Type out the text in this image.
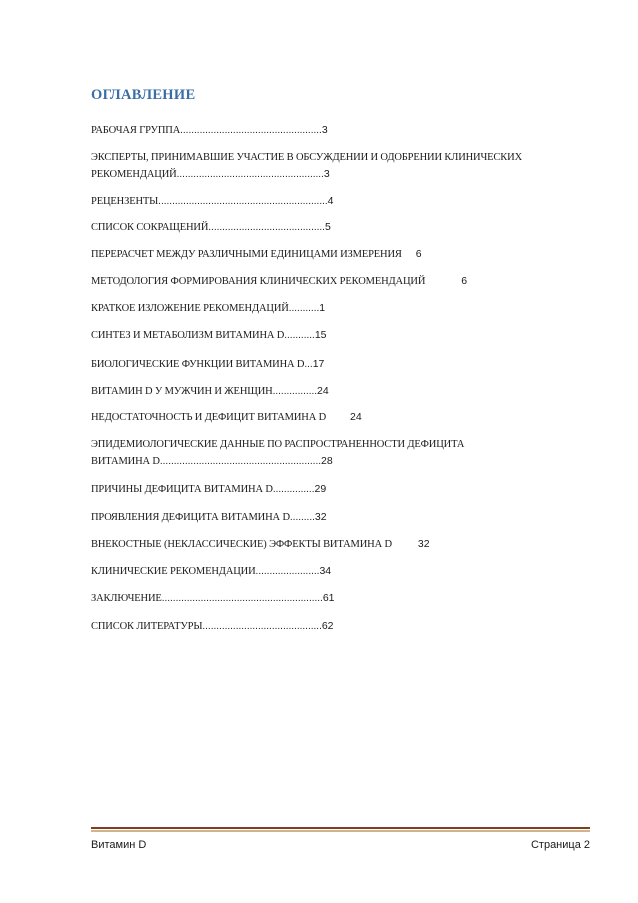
ОГЛАВЛЕНИЕ
РАБОЧАЯ ГРУППА...................................................3
ЭКСПЕРТЫ, ПРИНИМАВШИЕ УЧАСТИЕ В ОБСУЖДЕНИИ И ОДОБРЕНИИ КЛИНИЧЕСКИХ
РЕКОМЕНДАЦИЙ.....................................................3
РЕЦЕНЗЕНТЫ.............................................................4
СПИСОК СОКРАЩЕНИЙ..........................................5
ПЕРЕРАСЧЕТ МЕЖДУ РАЗЛИЧНЫМИ ЕДИНИЦАМИ ИЗМЕРЕНИЯ 6
МЕТОДОЛОГИЯ ФОРМИРОВАНИЯ КЛИНИЧЕСКИХ РЕКОМЕНДАЦИЙ	6
КРАТКОЕ ИЗЛОЖЕНИЕ РЕКОМЕНДАЦИЙ...........1
СИНТЕЗ И МЕТАБОЛИЗМ ВИТАМИНА D...........15
БИОЛОГИЧЕСКИЕ ФУНКЦИИ ВИТАМИНА D...17
ВИТАМИН D У МУЖЧИН И ЖЕНЩИН................24
НЕДОСТАТОЧНОСТЬ И ДЕФИЦИТ ВИТАМИНА D 24
ЭПИДЕМИОЛОГИЧЕСКИЕ ДАННЫЕ ПО РАСПРОСТРАНЕННОСТИ ДЕФИЦИТА
ВИТАМИНА D..........................................................28
ПРИЧИНЫ ДЕФИЦИТА ВИТАМИНА D...............29
ПРОЯВЛЕНИЯ ДЕФИЦИТА ВИТАМИНА D.........32
ВНЕКОСТНЫЕ (НЕКЛАССИЧЕСКИЕ) ЭФФЕКТЫ ВИТАМИНА D 32
КЛИНИЧЕСКИЕ РЕКОМЕНДАЦИИ.......................34
ЗАКЛЮЧЕНИЕ..........................................................61
СПИСОК ЛИТЕРАТУРЫ...........................................62
Витамин D	Страница 2
